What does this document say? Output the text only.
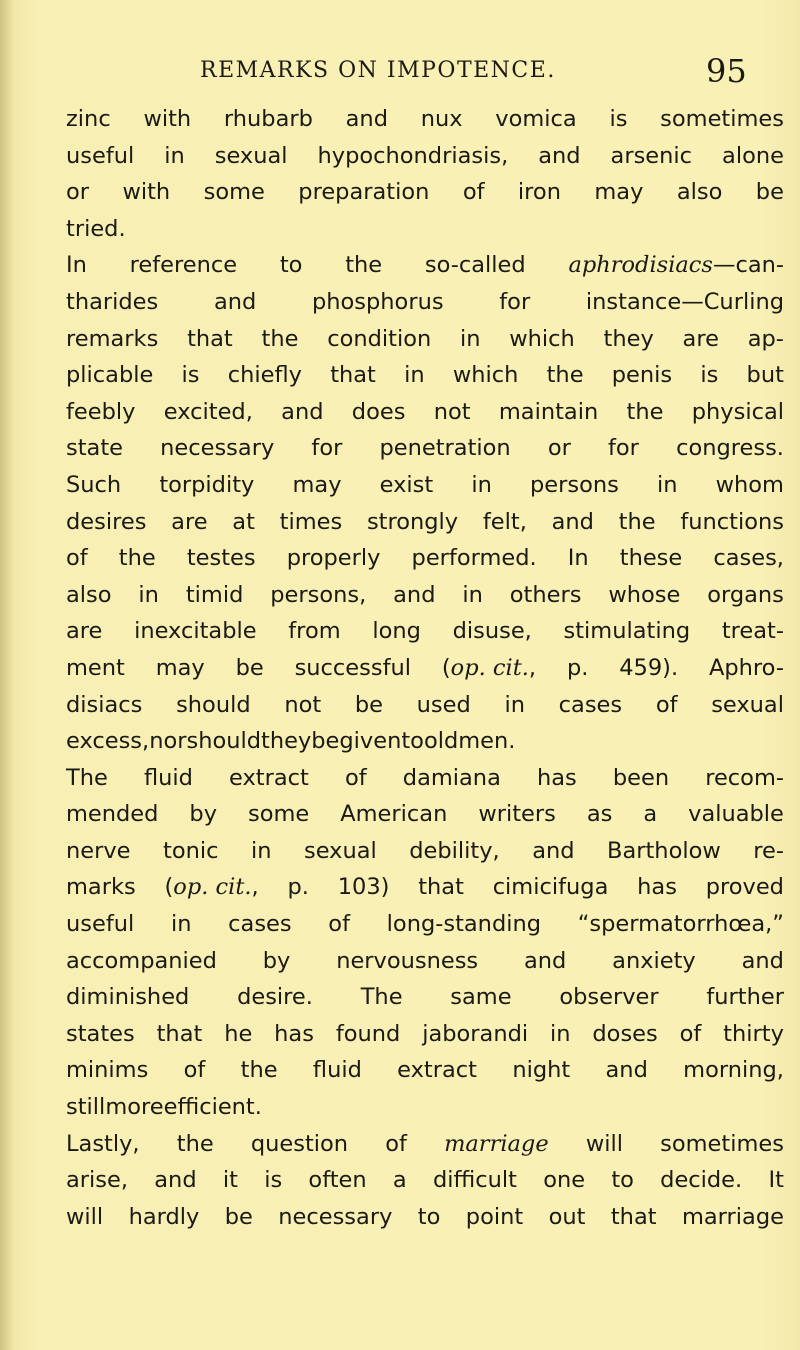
REMARKS ON IMPOTENCE.	95
zinc with rhubarb and nux vomica is sometimes
useful in sexual hypochondriasis, and arsenic alone
or with some preparation of iron may also be
tried.
In reference to the so-called aphrodisiacs—can-
tharides and phosphorus for instance—Curling
remarks that the condition in which they are ap-
plicable is chiefly that in which the penis is but
feebly excited, and does not maintain the physical
state necessary for penetration or for congress.
Such torpidity may exist in persons in whom
desires are at times strongly felt, and the functions
of the testes properly performed. In these cases,
also in timid persons, and in others whose organs
are inexcitable from long disuse, stimulating treat-
ment may be successful (op. cit., p. 459). Aphro-
disiacs should not be used in cases of sexual
excess, nor should they be given to old men.
The fluid extract of damiana has been recom-
mended by some American writers as a valuable
nerve tonic in sexual debility, and Bartholow re-
marks (op. cit., p. 103) that cimicifuga has proved
useful in cases of long-standing “spermatorrhœa,”
accompanied by nervousness and anxiety and
diminished desire. The same observer further
states that he has found jaborandi in doses of thirty
minims of the fluid extract night and morning,
still more efficient.
Lastly, the question of marriage will sometimes
arise, and it is often a difficult one to decide. It
will hardly be necessary to point out that marriage
